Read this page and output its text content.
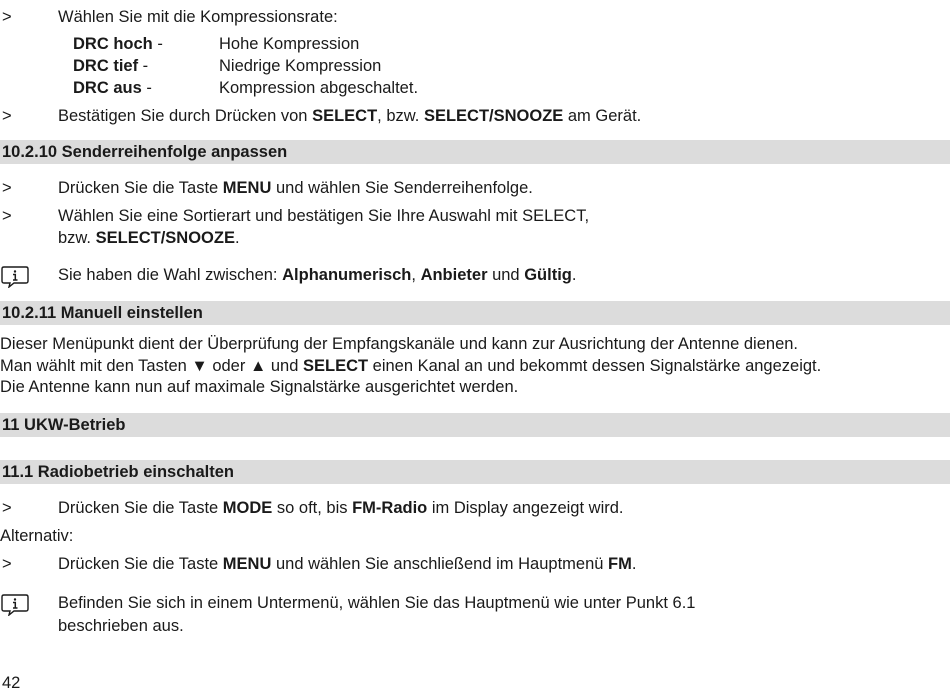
>	Wählen Sie mit die Kompressionsrate:
DRC hoch -	Hohe Kompression
DRC tief -	Niedrige Kompression
DRC aus -	Kompression abgeschaltet.
>	Bestätigen Sie durch Drücken von SELECT, bzw. SELECT/SNOOZE am Gerät.
10.2.10 Senderreihenfolge anpassen
>	Drücken Sie die Taste MENU und wählen Sie Senderreihenfolge.
>	Wählen Sie eine Sortierart und bestätigen Sie Ihre Auswahl mit SELECT,
bzw. SELECT/SNOOZE.
Sie haben die Wahl zwischen: Alphanumerisch, Anbieter und Gültig.
10.2.11 Manuell einstellen
Dieser Menüpunkt dient der Überprüfung der Empfangskanäle und kann zur Ausrichtung der Antenne dienen.
Man wählt mit den Tasten ▼ oder ▲ und SELECT einen Kanal an und bekommt dessen Signalstärke angezeigt.
Die Antenne kann nun auf maximale Signalstärke ausgerichtet werden.
11 UKW-Betrieb
11.1 Radiobetrieb einschalten
>	Drücken Sie die Taste MODE so oft, bis FM-Radio im Display angezeigt wird.
Alternativ:
>	Drücken Sie die Taste MENU und wählen Sie anschließend im Hauptmenü FM.
Befinden Sie sich in einem Untermenü, wählen Sie das Hauptmenü wie unter Punkt 6.1
beschrieben aus.
42
